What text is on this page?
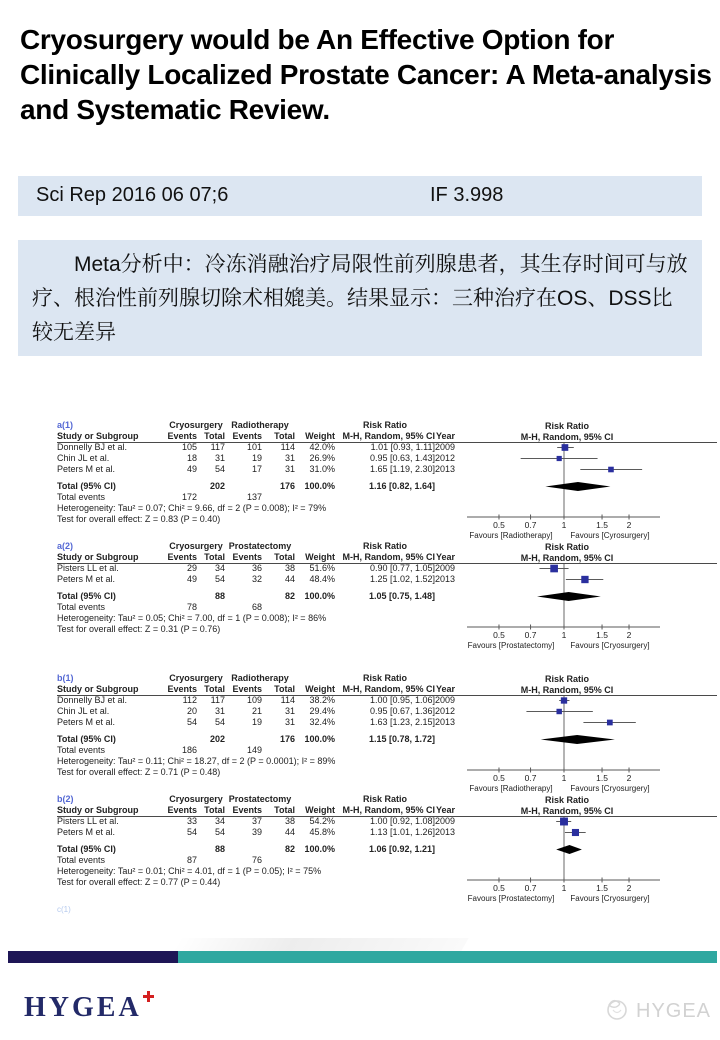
Cryosurgery would be An Effective Option for Clinically Localized Prostate Cancer: A Meta-analysis and Systematic Review.
Sci Rep 2016 06 07;6	IF 3.998
Meta分析中：冷冻消融治疗局限性前列腺患者，其生存时间可与放疗、根治性前列腺切除术相媲美。结果显示：三种治疗在OS、DSS比较无差异
a(1)	Cryosurgery Radiotherapy	Risk Ratio
Study or Subgroup	Events Total Events	Total	Weight M-H, Random, 95% CI Year
Donnelly BJ et al.	105	117	101	114	42.0%	1.01 [0.93, 1.11] 2009
Chin JL et al.	18	31	19	31	26.9%	0.95 [0.63, 1.43] 2012
Peters M et al.	49	54	17	31	31.0%	1.65 [1.19, 2.30] 2013
Total (95% CI)	202	176	100.0%	1.16 [0.82, 1.64]
Total events	172	137
Heterogeneity: Tau² = 0.07; Chi² = 9.66, df = 2 (P = 0.008); I² = 79%
Test for overall effect: Z = 0.83 (P = 0.40)
Risk Ratio
M-H, Random, 95% CI
0.5 0.7	1	1.5 2
Favours [Radiotherapy] Favours [Cyrosurgery]
a(2)	Cryosurgery Prostatectomy	Risk Ratio
Study or Subgroup	Events Total Events	Total	Weight M-H, Random, 95% CI Year
Pisters LL et al.	29	34	36	38	51.6%	0.90 [0.77, 1.05] 2009
Peters M et al.	49	54	32	44	48.4%	1.25 [1.02, 1.52] 2013
Total (95% CI)	88	82	100.0%	1.05 [0.75, 1.48]
Total events	78	68
Heterogeneity: Tau² = 0.05; Chi² = 7.00, df = 1 (P = 0.008); I² = 86%
Test for overall effect: Z = 0.31 (P = 0.76)
Risk Ratio
M-H, Random, 95% CI
0.5 0.7	1	1.5 2
Favours [Prostatectomy] Favours [Cryosurgery]
b(1)	Cryosurgery Radiotherapy	Risk Ratio
Study or Subgroup	Events Total Events	Total	Weight M-H, Random, 95% CI Year
Donnelly BJ et al.	112	117	109	114	38.2%	1.00 [0.95, 1.06] 2009
Chin JL et al.	20	31	21	31	29.4%	0.95 [0.67, 1.36] 2012
Peters M et al.	54	54	19	31	32.4%	1.63 [1.23, 2.15] 2013
Total (95% CI)	202	176	100.0%	1.15 [0.78, 1.72]
Total events	186	149
Heterogeneity: Tau² = 0.11; Chi² = 18.27, df = 2 (P = 0.0001); I² = 89%
Test for overall effect: Z = 0.71 (P = 0.48)
Risk Ratio
M-H, Random, 95% CI
0.5 0.7	1	1.5 2
Favours [Radiotherapy] Favours [Cryosurgery]
b(2)	Cryosurgery Prostatectomy	Risk Ratio
Study or Subgroup	Events Total Events	Total	Weight M-H, Random, 95% CI Year
Pisters LL et al.	33	34	37	38	54.2%	1.00 [0.92, 1.08] 2009
Peters M et al.	54	54	39	44	45.8%	1.13 [1.01, 1.26] 2013
Total (95% CI)	88	82	100.0%	1.06 [0.92, 1.21]
Total events	87	76
Heterogeneity: Tau² = 0.01; Chi² = 4.01, df = 1 (P = 0.05); I² = 75%
Test for overall effect: Z = 0.77 (P = 0.44)
Risk Ratio
M-H, Random, 95% CI
0.5 0.7	1	1.5 2
Favours [Prostatectomy] Favours [Cryosurgery]
c(1)
HYGEA	HYGEA
